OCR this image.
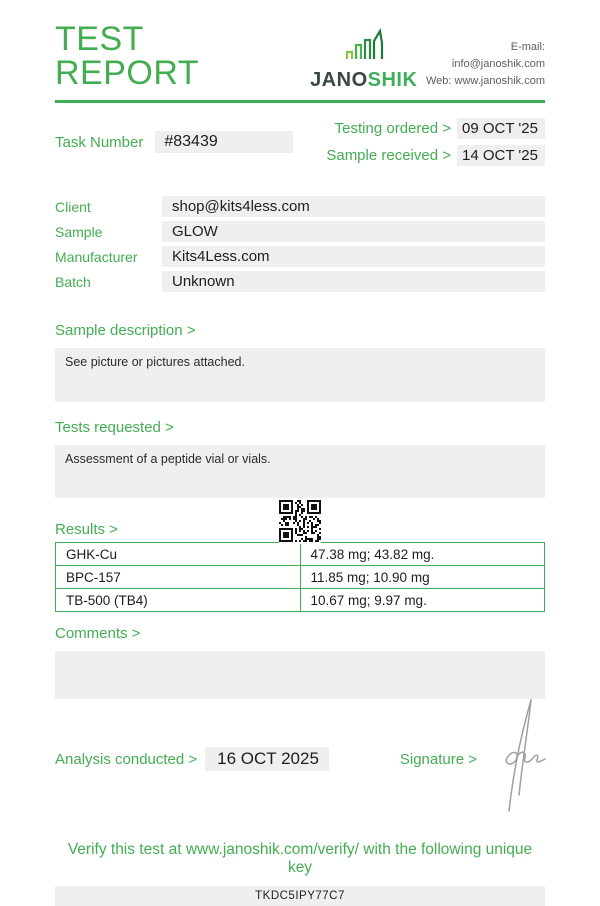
TEST REPORT	JANOSHIK
E-mail: info@janoshik.com
Web: www.janoshik.com
Task Number	#83439
Testing ordered > 09 OCT '25
Sample received > 14 OCT '25
Client	shop@kits4less.com
Sample	GLOW
Manufacturer	Kits4Less.com
Batch	Unknown
Sample description >
See picture or pictures attached.
Tests requested >
Assessment of a peptide vial or vials.
Results >
GHK-Cu	47.38 mg; 43.82 mg.
BPC-157	11.85 mg; 10.90 mg
TB-500 (TB4)	10.67 mg; 9.97 mg.
Comments >
Analysis conducted >	16 OCT 2025	Signature >
Verify this test at www.janoshik.com/verify/ with the following unique key
TKDC5IPY77C7
